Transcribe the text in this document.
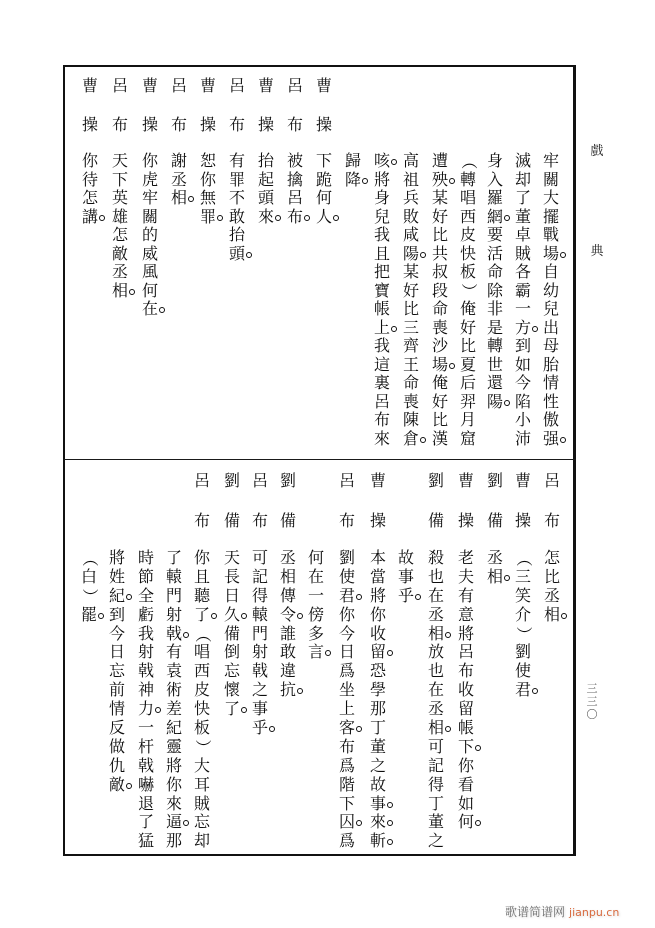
戲
典
三
三
〇
牢
關
大
擺
戰
場
自
幼
兒
出
母
胎
情
性
傲
强
滅
却
了
董
卓
賊
各
霸
一
方
到
如
今
陷
小
沛
身
入
羅
網
要
活
命
除
非
是
轉
世
還
陽
（
轉
唱
西
皮
快
板
）
俺
好
比
夏
后
羿
月
窟
遭
殃
某
好
比
共
叔
段
命
喪
沙
場
俺
好
比
漢
高
祖
兵
敗
咸
陽
某
好
比
三
齊
王
命
喪
陳
倉
咳
將
身
兒
我
且
把
寶
帳
上
我
這
裏
呂
布
來
歸
降
曹
操
下
跪
何
人
呂
布
被
擒
呂
布
曹
操
抬
起
頭
來
呂
布
有
罪
不
敢
抬
頭
曹
操
恕
你
無
罪
呂
布
謝
丞
相
曹
操
你
虎
牢
關
的
威
風
何
在
呂
布
天
下
英
雄
怎
敵
丞
相
曹
操
你
待
怎
講
呂
布
怎
比
丞
相
曹
操
（
三
笑
介
）
劉
使
君
劉
備
丞
相
曹
操
老
夫
有
意
將
呂
布
收
留
帳
下
你
看
如
何
劉
備
殺
也
在
丞
相
放
也
在
丞
相
可
記
得
丁
董
之
故
事
乎
曹
操
本
當
將
你
收
留
恐
學
那
丁
董
之
故
事
來
斬
呂
布
劉
使
君
你
今
日
爲
坐
上
客
布
爲
階
下
囚
爲
何
在
一
傍
多
言
劉
備
丞
相
傳
令
誰
敢
違
抗
呂
布
可
記
得
轅
門
射
戟
之
事
乎
劉
備
天
長
日
久
備
倒
忘
懷
了
呂
布
你
且
聽
了
（
唱
西
皮
快
板
）
大
耳
賊
忘
却
了
轅
門
射
戟
有
袁
術
差
紀
靈
將
你
來
逼
那
時
節
全
虧
我
射
戟
神
力
一
杆
戟
嚇
退
了
猛
將
姓
紀
到
今
日
忘
前
情
反
做
仇
敵
（
白
）
罷
歌谱简谱网 jianpu.cn
